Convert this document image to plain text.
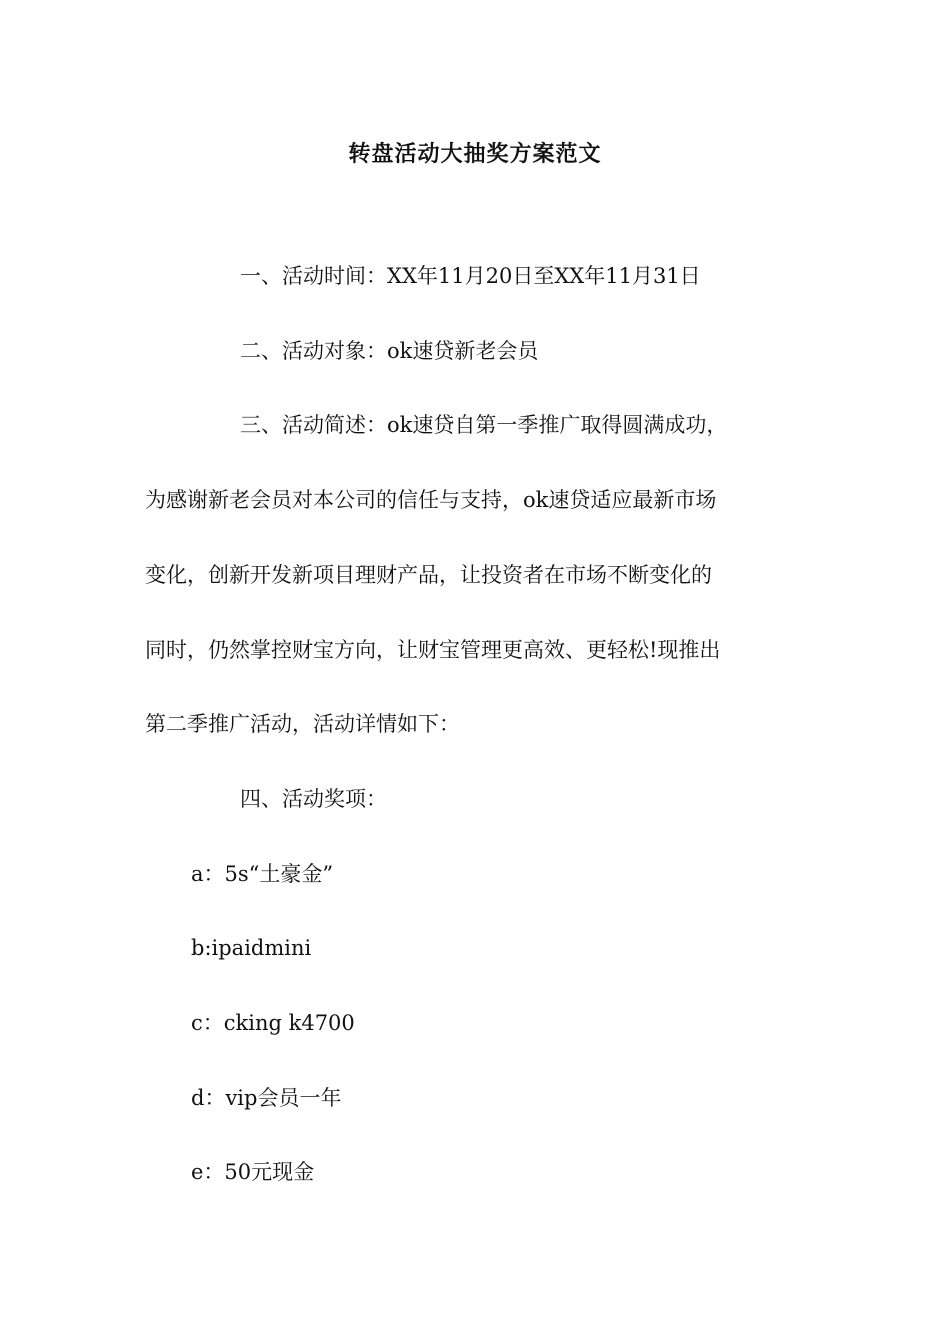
转盘活动大抽奖方案范文
一、活动时间：XX年11月20日至XX年11月31日
二、活动对象：ok速贷新老会员
三、活动简述：ok速贷自第一季推广取得圆满成功，
为感谢新老会员对本公司的信任与支持，ok速贷适应最新市场
变化，创新开发新项目理财产品，让投资者在市场不断变化的
同时，仍然掌控财宝方向，让财宝管理更高效、更轻松!现推出
第二季推广活动，活动详情如下：
四、活动奖项：
a：5s“土豪金”
b:ipaidmini
c：cking k4700
d：vip会员一年
e：50元现金
